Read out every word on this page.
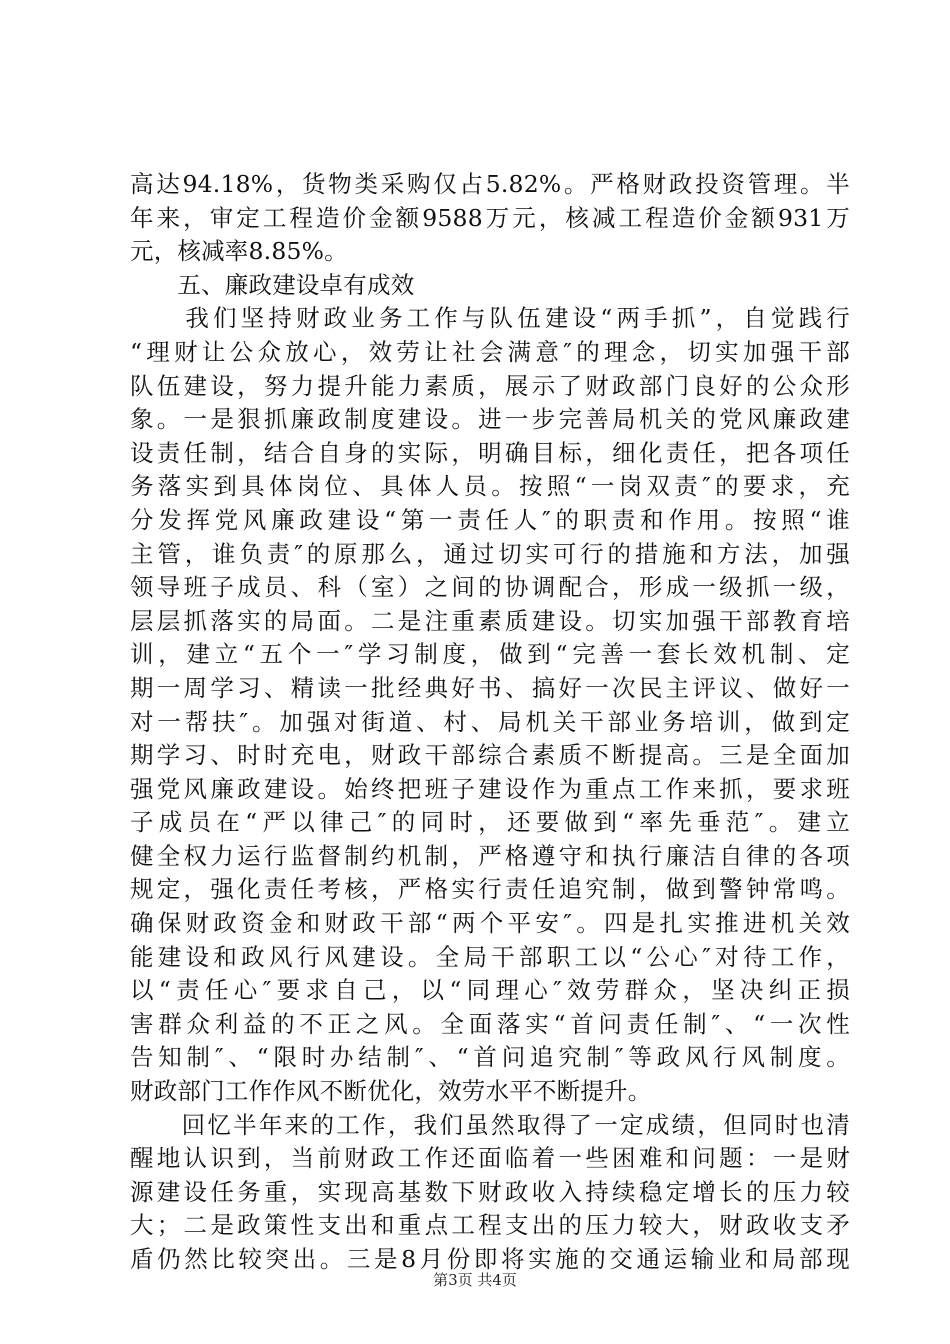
高达94.18%，货物类采购仅占5.82%。严格财政投资管理。半
年来，审定工程造价金额9588万元，核减工程造价金额931万
元，核减率8.85%。
　　五、廉政建设卓有成效
　　我们坚持财政业务工作与队伍建设“两手抓”，自觉践行
“理财让公众放心，效劳让社会满意″的理念，切实加强干部
队伍建设，努力提升能力素质，展示了财政部门良好的公众形
象。一是狠抓廉政制度建设。进一步完善局机关的党风廉政建
设责任制，结合自身的实际，明确目标，细化责任，把各项任
务落实到具体岗位、具体人员。按照“一岗双责″的要求，充
分发挥党风廉政建设“第一责任人″的职责和作用。按照“谁
主管，谁负责″的原那么，通过切实可行的措施和方法，加强
领导班子成员、科（室）之间的协调配合，形成一级抓一级，
层层抓落实的局面。二是注重素质建设。切实加强干部教育培
训，建立“五个一″学习制度，做到“完善一套长效机制、定
期一周学习、精读一批经典好书、搞好一次民主评议、做好一
对一帮扶″。加强对街道、村、局机关干部业务培训，做到定
期学习、时时充电，财政干部综合素质不断提高。三是全面加
强党风廉政建设。始终把班子建设作为重点工作来抓，要求班
子成员在“严以律己″的同时，还要做到“率先垂范″。建立
健全权力运行监督制约机制，严格遵守和执行廉洁自律的各项
规定，强化责任考核，严格实行责任追究制，做到警钟常鸣。
确保财政资金和财政干部“两个平安″。四是扎实推进机关效
能建设和政风行风建设。全局干部职工以“公心″对待工作，
以“责任心″要求自己，以“同理心″效劳群众，坚决纠正损
害群众利益的不正之风。全面落实“首问责任制″、“一次性
告知制″、“限时办结制″、“首问追究制″等政风行风制度。
财政部门工作作风不断优化，效劳水平不断提升。
　　回忆半年来的工作，我们虽然取得了一定成绩，但同时也清
醒地认识到，当前财政工作还面临着一些困难和问题：一是财
源建设任务重，实现高基数下财政收入持续稳定增长的压力较
大；二是政策性支出和重点工程支出的压力较大，财政收支矛
盾仍然比较突出。三是8月份即将实施的交通运输业和局部现
第3页 共4页
